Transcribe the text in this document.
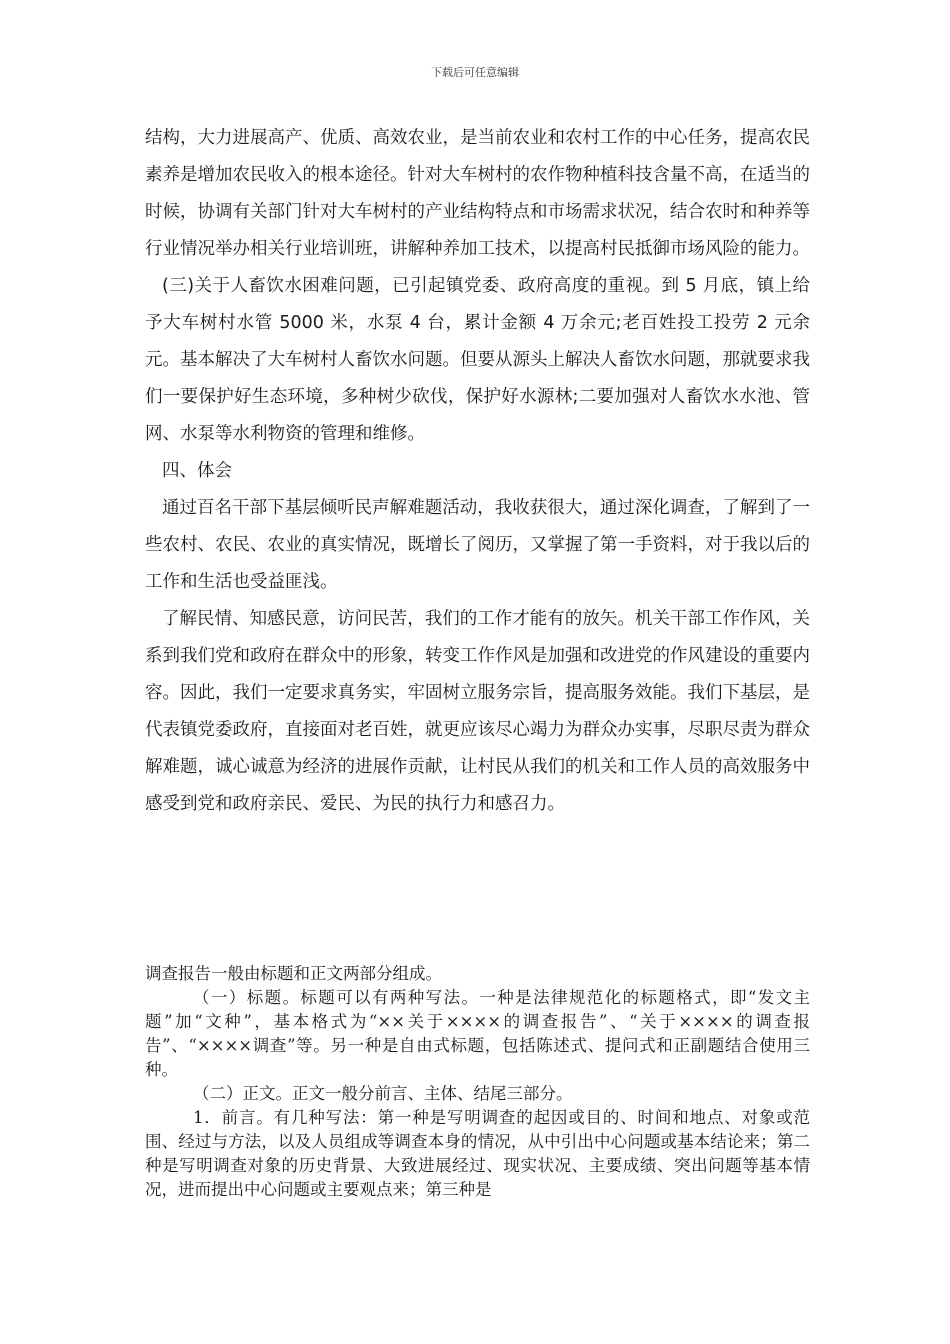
下载后可任意编辑

结构，大力进展高产、优质、高效农业，是当前农业和农村工作的中心任务，提高农民素养是增加农民收入的根本途径。针对大车树村的农作物种植科技含量不高，在适当的时候，协调有关部门针对大车树村的产业结构特点和市场需求状况，结合农时和种养等行业情况举办相关行业培训班，讲解种养加工技术，以提高村民抵御市场风险的能力。

(三)关于人畜饮水困难问题，已引起镇党委、政府高度的重视。到 5 月底，镇上给予大车树村水管 5000 米，水泵 4 台，累计金额 4 万余元;老百姓投工投劳 2 元余元。基本解决了大车树村人畜饮水问题。但要从源头上解决人畜饮水问题，那就要求我们一要保护好生态环境，多种树少砍伐，保护好水源林;二要加强对人畜饮水水池、管网、水泵等水利物资的管理和维修。

四、体会

通过百名干部下基层倾听民声解难题活动，我收获很大，通过深化调查，了解到了一些农村、农民、农业的真实情况，既增长了阅历，又掌握了第一手资料，对于我以后的工作和生活也受益匪浅。

了解民情、知感民意，访问民苦，我们的工作才能有的放矢。机关干部工作作风，关系到我们党和政府在群众中的形象，转变工作作风是加强和改进党的作风建设的重要内容。因此，我们一定要求真务实，牢固树立服务宗旨，提高服务效能。我们下基层，是代表镇党委政府，直接面对老百姓，就更应该尽心竭力为群众办实事，尽职尽责为群众解难题，诚心诚意为经济的进展作贡献，让村民从我们的机关和工作人员的高效服务中感受到党和政府亲民、爱民、为民的执行力和感召力。

调查报告一般由标题和正文两部分组成。

（一）标题。标题可以有两种写法。一种是法律规范化的标题格式，即“发文主题”加“文种”，基本格式为“××关于××××的调查报告”、“关于××××的调查报告”、“××××调查”等。另一种是自由式标题，包括陈述式、提问式和正副题结合使用三种。

（二）正文。正文一般分前言、主体、结尾三部分。

1．前言。有几种写法：第一种是写明调查的起因或目的、时间和地点、对象或范围、经过与方法，以及人员组成等调查本身的情况，从中引出中心问题或基本结论来；第二种是写明调查对象的历史背景、大致进展经过、现实状况、主要成绩、突出问题等基本情况，进而提出中心问题或主要观点来；第三种是
